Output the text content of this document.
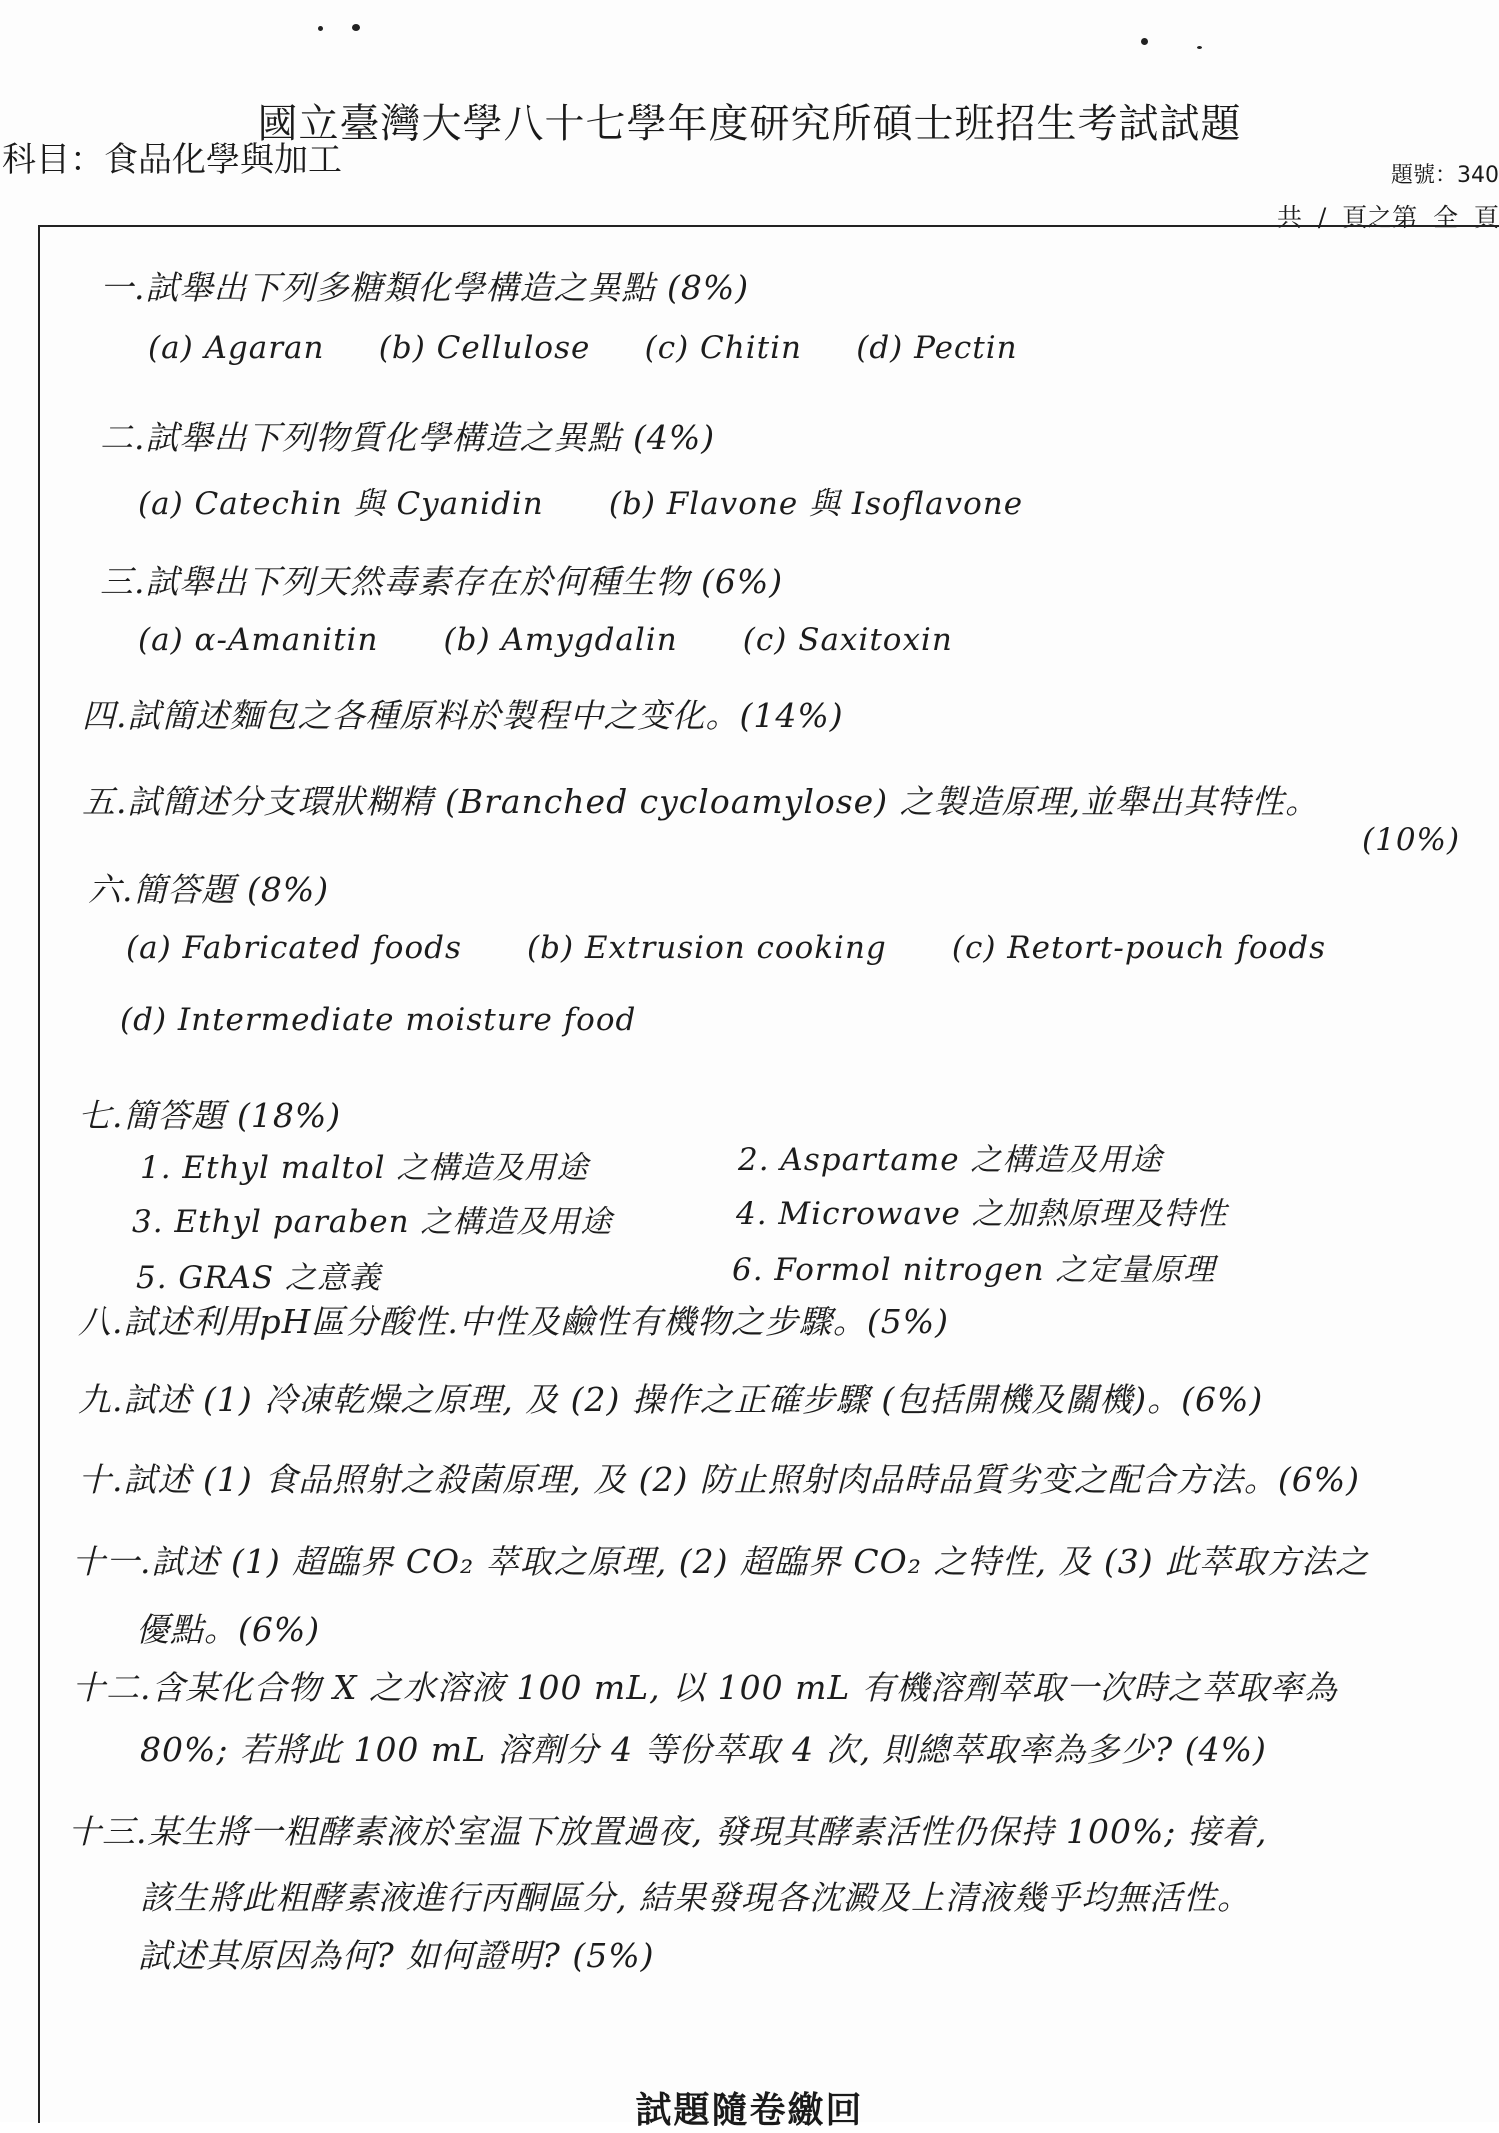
國立臺灣大學八十七學年度研究所碩士班招生考試試題
科目：食品化學與加工	題號：340
共  /  頁之第  全  頁
一.試舉出下列多糖類化學構造之異點 (8%)
(a) Agaran     (b) Cellulose     (c) Chitin     (d) Pectin
二.試舉出下列物質化學構造之異點 (4%)
(a) Catechin 與 Cyanidin      (b) Flavone 與 Isoflavone
三.試舉出下列天然毒素存在於何種生物 (6%)
(a) α-Amanitin      (b) Amygdalin      (c) Saxitoxin
四.試簡述麵包之各種原料於製程中之变化。(14%)
五.試簡述分支環狀糊精 (Branched cycloamylose) 之製造原理,並舉出其特性。
(10%)
六.簡答題 (8%)
(a) Fabricated foods      (b) Extrusion cooking      (c) Retort-pouch foods
(d) Intermediate moisture food
七.簡答題 (18%)
1. Ethyl maltol 之構造及用途	2. Aspartame 之構造及用途
3. Ethyl paraben 之構造及用途	4. Microwave 之加熱原理及特性
5. GRAS 之意義	6. Formol nitrogen 之定量原理
八.試述利用pH區分酸性.中性及鹼性有機物之步驟。(5%)
九.試述 (1) 冷凍乾燥之原理, 及 (2) 操作之正確步驟 (包括開機及關機)。(6%)
十.試述 (1) 食品照射之殺菌原理, 及 (2) 防止照射肉品時品質劣变之配合方法。(6%)
十一.試述 (1) 超臨界 CO₂ 萃取之原理, (2) 超臨界 CO₂ 之特性, 及 (3) 此萃取方法之
優點。(6%)
十二.含某化合物 X 之水溶液 100 mL, 以 100 mL 有機溶劑萃取一次時之萃取率為
80%; 若將此 100 mL 溶劑分 4 等份萃取 4 次, 則總萃取率為多少? (4%)
十三.某生將一粗酵素液於室温下放置過夜, 發現其酵素活性仍保持 100%; 接着,
該生將此粗酵素液進行丙酮區分, 結果發現各沈澱及上清液幾乎均無活性。
試述其原因為何? 如何證明? (5%)
試題隨卷繳回
